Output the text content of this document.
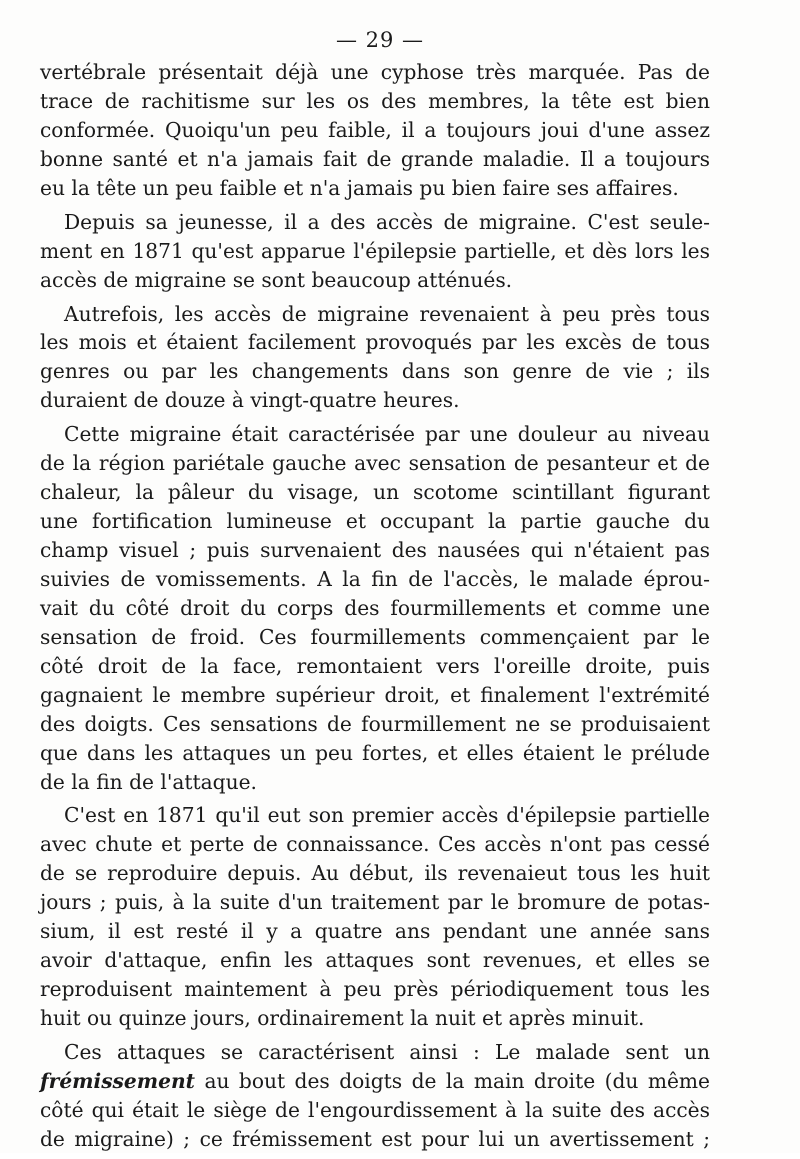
— 29 —
vertébrale présentait déjà une cyphose très marquée. Pas de
trace de rachitisme sur les os des membres, la tête est bien
conformée. Quoiqu'un peu faible, il a toujours joui d'une assez
bonne santé et n'a jamais fait de grande maladie. Il a toujours
eu la tête un peu faible et n'a jamais pu bien faire ses affaires.
Depuis sa jeunesse, il a des accès de migraine. C'est seule-
ment en 1871 qu'est apparue l'épilepsie partielle, et dès lors les
accès de migraine se sont beaucoup atténués.
Autrefois, les accès de migraine revenaient à peu près tous
les mois et étaient facilement provoqués par les excès de tous
genres ou par les changements dans son genre de vie ; ils
duraient de douze à vingt-quatre heures.
Cette migraine était caractérisée par une douleur au niveau
de la région pariétale gauche avec sensation de pesanteur et de
chaleur, la pâleur du visage, un scotome scintillant figurant
une fortification lumineuse et occupant la partie gauche du
champ visuel ; puis survenaient des nausées qui n'étaient pas
suivies de vomissements. A la fin de l'accès, le malade éprou-
vait du côté droit du corps des fourmillements et comme une
sensation de froid. Ces fourmillements commençaient par le
côté droit de la face, remontaient vers l'oreille droite, puis
gagnaient le membre supérieur droit, et finalement l'extrémité
des doigts. Ces sensations de fourmillement ne se produisaient
que dans les attaques un peu fortes, et elles étaient le prélude
de la fin de l'attaque.
C'est en 1871 qu'il eut son premier accès d'épilepsie partielle
avec chute et perte de connaissance. Ces accès n'ont pas cessé
de se reproduire depuis. Au début, ils revenaieut tous les huit
jours ; puis, à la suite d'un traitement par le bromure de potas-
sium, il est resté il y a quatre ans pendant une année sans
avoir d'attaque, enfin les attaques sont revenues, et elles se
reproduisent maintement à peu près périodiquement tous les
huit ou quinze jours, ordinairement la nuit et après minuit.
Ces attaques se caractérisent ainsi : Le malade sent un
frémissement au bout des doigts de la main droite (du même
côté qui était le siège de l'engourdissement à la suite des accès
de migraine) ; ce frémissement est pour lui un avertissement ;
